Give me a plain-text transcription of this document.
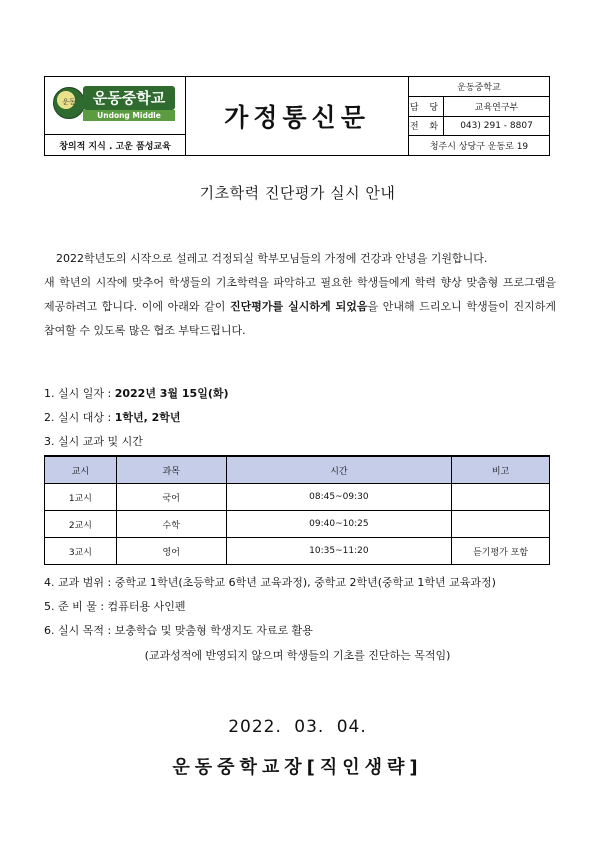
운동	운동중학교
Undong Middle School
창의적 지식 . 고운 품성교육
가정통신문
운동중학교
담 당	교육연구부
전 화	043) 291 - 8807
청주시 상당구 운동로 19
기초학력 진단평가 실시 안내

2022학년도의 시작으로 설레고 걱정되실 학부모님들의 가정에 건강과 안녕을 기원합니다.

새 학년의 시작에 맞추어 학생들의 기초학력을 파악하고 필요한 학생들에게 학력 향상 맞춤형 프로그램을 제공하려고 합니다. 이에 아래와 같이 진단평가를 실시하게 되었음을 안내해 드리오니 학생들이 진지하게 참여할 수 있도록 많은 협조 부탁드립니다.

1. 실시 일자 : 2022년 3월 15일(화)
2. 실시 대상 : 1학년, 2학년
3. 실시 교과 및 시간
교시	과목	시간	비고
1교시	국어	08:45~09:30	
2교시	수학	09:40~10:25	
3교시	영어	10:35~11:20	듣기평가 포함
4. 교과 범위 : 중학교 1학년(초등학교 6학년 교육과정), 중학교 2학년(중학교 1학년 교육과정)
5. 준 비 물 : 컴퓨터용 사인펜
6. 실시 목적 : 보충학습 및 맞춤형 학생지도 자료로 활용
(교과성적에 반영되지 않으며 학생들의 기초를 진단하는 목적임)
2022. 03. 04.
운동중학교장[직인생략]
